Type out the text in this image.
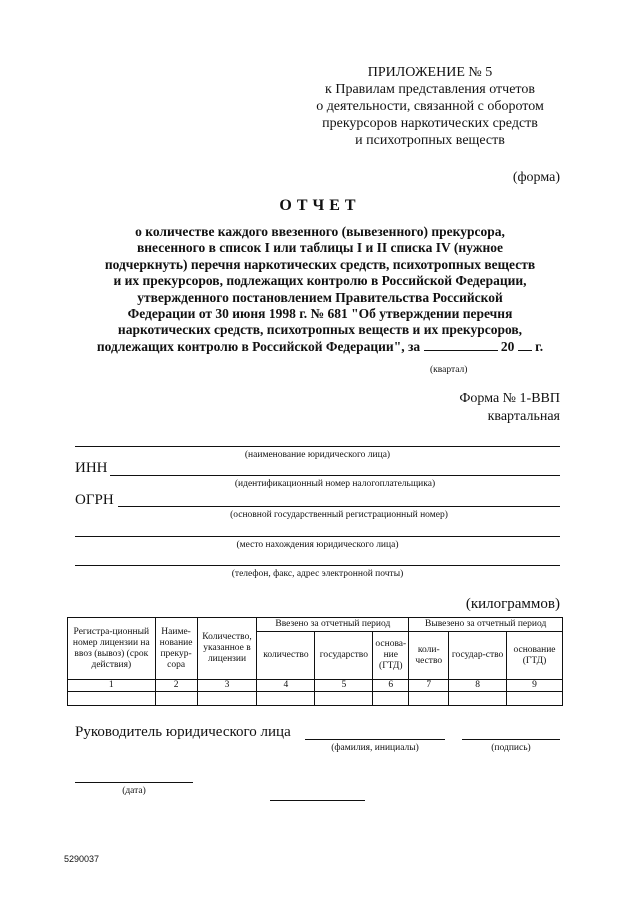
ПРИЛОЖЕНИЕ № 5
к Правилам представления отчетов
о деятельности, связанной с оборотом
прекурсоров наркотических средств
и психотропных веществ
(форма)
ОТЧЕТ
о количестве каждого ввезенного (вывезенного) прекурсора,
внесенного в список I или таблицы I и II списка IV (нужное
подчеркнуть) перечня наркотических средств, психотропных веществ
и их прекурсоров, подлежащих контролю в Российской Федерации,
утвержденного постановлением Правительства Российской
Федерации от 30 июня 1998 г. № 681 "Об утверждении перечня
наркотических средств, психотропных веществ и их прекурсоров,
подлежащих контролю в Российской Федерации", за	20 г.
(квартал)
Форма № 1-ВВП
квартальная
(наименование юридического лица)
ИНН
(идентификационный номер налогоплательщика)
ОГРН
(основной государственный регистрационный номер)
(место нахождения юридического лица)
(телефон, факс, адрес электронной почты)
(килограммов)
Регистра-ционный номер лицензии на ввоз (вывоз) (срок действия)	Наиме-нование прекур-сора	Количество, указанное в лицензии	Ввезено за отчетный период			Вывезено за отчетный период		
			количество	государство	основа-ние (ГТД)	коли-чество	государ-ство	основание (ГТД)
1	2	3	4	5	6	7	8	9

Руководитель юридического лица
(фамилия, инициалы)	(подпись)
(дата)
5290037
